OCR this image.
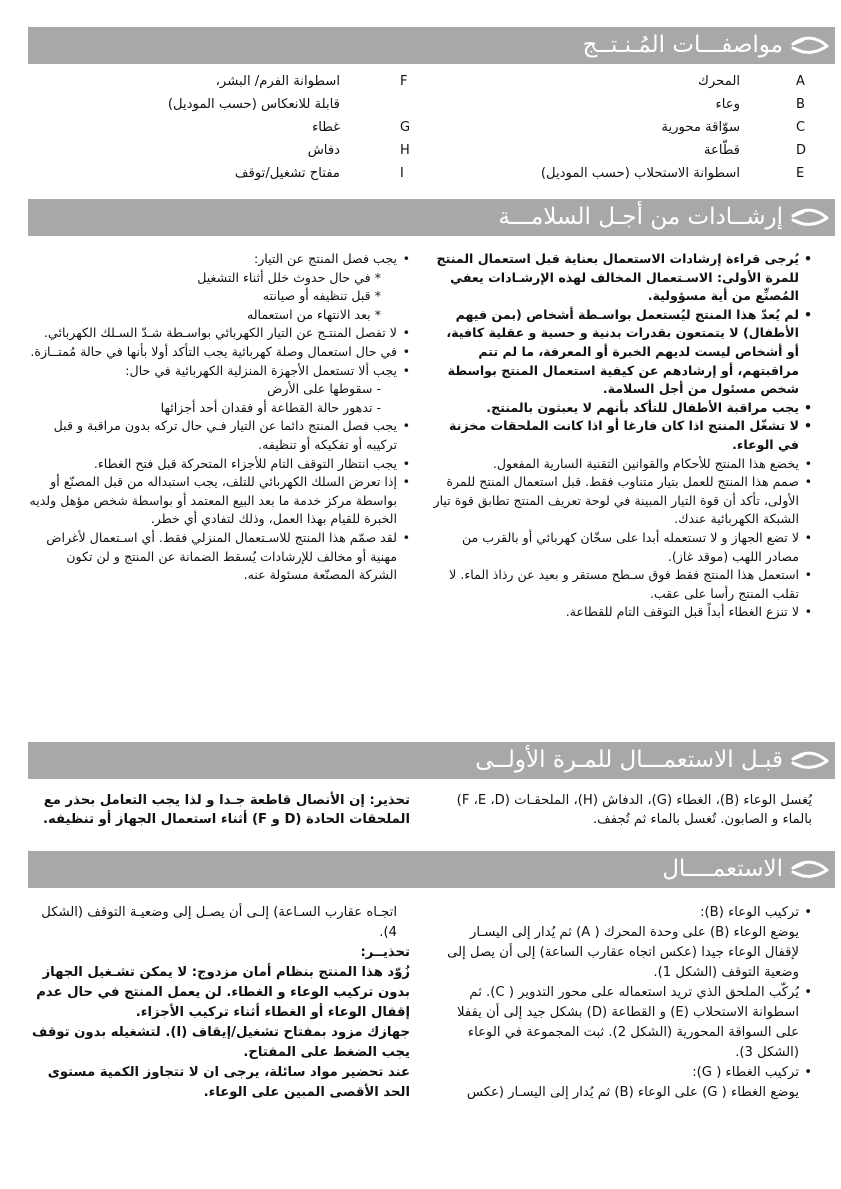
مواصفـــات المُـنـتــج
A
B
C
D
E
المحرك
وعاء
سوّاقة محورية
قطّاعة
اسطوانة الاستحلاب (حسب الموديل)
F
G
H
I
اسطوانة الفرم/ البشر،
قابلة للانعكاس (حسب الموديل)
غطاء
دفاش
مفتاح تشغيل/توقف
إرشــادات من أجـل السلامـــة
• يُرجى قراءة إرشادات الاستعمال بعناية قبل استعمال المنتج للمرة الأولى: الاسـتعمال المخالف لهذه الإرشـادات يعفي المُصنِّع من أية مسؤولية.
• لم يُعدّ هذا المنتج ليُستعمل بواسـطة أشخاص (بمن فيهم الأطفال) لا يتمتعون بقدرات بدنية و حسية و عقلية كافية، أو أشخاص ليست لديهم الخبرة أو المعرفة، ما لم تتم مراقبتهم، أو إرشادهم عن كيفية استعمال المنتج بواسطة شخص مسئول من أجل السلامة.
• يجب مراقبة الأطفال للتأكد بأنهم لا يعبثون بالمنتج.
• لا تشغّل المنتج اذا كان فارغا أو اذا كانت الملحقات مخزنة في الوعاء.
• يخضع هذا المنتج للأحكام والقوانين التقنية السارية المفعول.
• صمم هذا المنتج للعمل بتيار متناوب فقط. قبل استعمال المنتج للمرة الأولى، تأكد أن قوة التيار المبينة في لوحة تعريف المنتج تطابق قوة تيار الشبكة الكهربائية عندك.
• لا تضع الجهاز و لا تستعمله أبدا على سخّان كهربائي أو بالقرب من مصادر اللهب (موقد غاز).
• استعمل هذا المنتج فقط فوق سـطح مستقر و بعيد عن رذاذ الماء. لا تقلب المنتج رأسا على عقب.
• لا تنزع الغطاء أبداً قبل التوقف التام للقطاعة.
• يجب فصل المنتج عن التيار:
* في حال حدوث خلل أثناء التشغيل
* قبل تنظيفه أو صيانته
* بعد الانتهاء من استعماله
• لا تفصل المنتـج عن التيار الكهربائي بواسـطة شـدّ السـلك الكهربائي.
• في حال استعمال وصلة كهربائية يجب التأكد أولا بأنها في حالة مُمتــازة.
• يجب ألا تستعمل الأجهزة المنزلية الكهربائية في حال:
- سقوطها على الأرض
- تدهور حالة القطاعة أو فقدان أحد أجزائها
• يجب فصل المنتج دائما عن التيار فـي حال تركه بدون مراقبة و قبل تركيبه أو تفكيكه أو تنظيفه.
• يجب انتظار التوقف التام للأجزاء المتحركة قبل فتح الغطاء.
• إذا تعرض السلك الكهربائي للتلف، يجب استبداله من قبل المصنّع أو بواسطة مركز خدمة ما بعد البيع المعتمد أو بواسطة شخص مؤهل ولديه الخبرة للقيام بهذا العمل، وذلك لتفادي أي خطر.
• لقد صمّم هذا المنتج للاسـتعمال المنزلي فقط. أي اسـتعمال لأغراض مهنية أو مخالف للإرشادات يُسقط الضمانة عن المنتج و لن تكون الشركة المصنّعة مسئولة عنه.
قبـل الاستعمـــال للمـرة الأولــى

يُغسل الوعاء (B)، الغطاء (G)، الدفاش (H)، الملحقـات (F ،E ،D) بالماء و الصابون. تُغسل بالماء ثم تُجفف.

تحذير: إن الأنصال قاطعة جـدا و لذا يجب التعامل بحذر مع الملحقات الحادة (D و F) أثناء استعمال الجهاز أو تنظيفه.

الاستعمــــال
• تركيب الوعاء (B):
يوضع الوعاء (B) على وحدة المحرك ( A) ثم يُدار إلى اليسـار لإقفال الوعاء جيدا (عكس اتجاه عقارب الساعة) إلى أن يصل إلى وضعية التوقف (الشكل 1).
• يُركّب الملحق الذي تريد استعماله على محور التدوير ( C). ثم اسطوانة الاستحلاب (E) و القطاعة (D) بشكل جيد إلى أن يقفلا على السواقة المحورية (الشكل 2). ثبت المجموعة في الوعاء (الشكل 3).
• تركيب الغطاء ( G):
يوضع الغطاء ( G) على الوعاء (B) ثم يُدار إلى اليسـار (عكس

اتجـاه عقارب السـاعة) إلـى أن يصـل إلى وضعيـة التوقف (الشكل 4).

تحذيــر:

زُوّد هذا المنتج بنظام أمان مزدوج: لا يمكن تشـغيل الجهاز بدون تركيب الوعاء و الغطاء. لن يعمل المنتج في حال عدم إقفال الوعاء أو الغطاء أثناء تركيب الأجزاء.

جهازك مزود بمفتاح تشغيل/إيقاف (I). لتشغيله بدون توقف يجب الضغط على المفتاح.

عند تحضير مواد سائلة، يرجى ان لا تتجاوز الكمية مستوى الحد الأقصى المبين على الوعاء.
